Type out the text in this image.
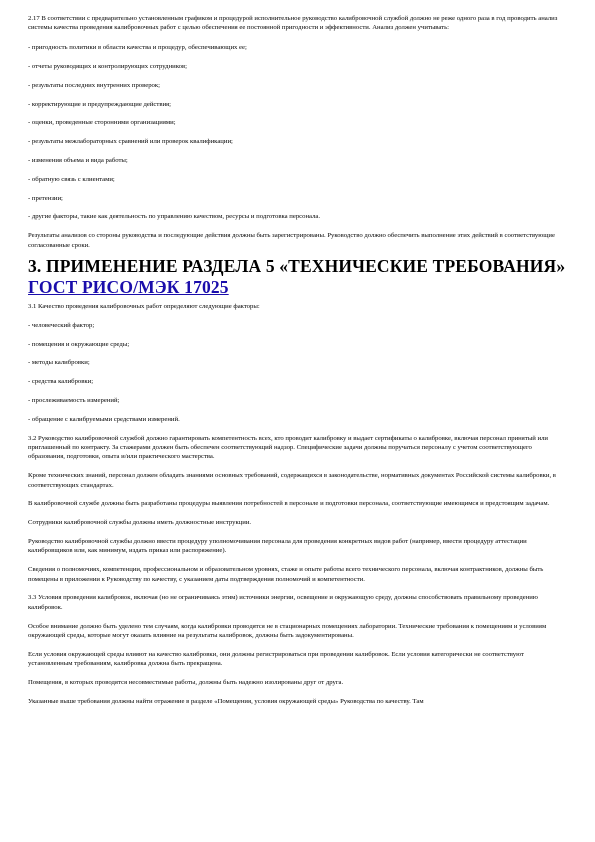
2.17 В соответствии с предварительно установленным графиком и процедурой исполнительное руководство калибровочной службой должно не реже одного раза в год проводить анализ системы качества проведения калибровочных работ с целью обеспечения ее постоянной пригодности и эффективности. Анализ должен учитывать:

- пригодность политики в области качества и процедур, обеспечивающих ее;

- отчеты руководящих и контролирующих сотрудников;

- результаты последних внутренних проверок;

- корректирующие и предупреждающие действия;

- оценки, проведенные сторонними организациями;

- результаты межлабораторных сравнений или проверок квалификации;

- изменения объема и вида работы;

- обратную связь с клиентами;

- претензии;

- другие факторы, такие как деятельность по управлению качеством, ресурсы и подготовка персонала.

Результаты анализов со стороны руководства и последующие действия должны быть зарегистрированы. Руководство должно обеспечить выполнение этих действий в соответствующие согласованные сроки.

3. ПРИМЕНЕНИЕ РАЗДЕЛА 5 «ТЕХНИЧЕСКИЕ ТРЕБОВАНИЯ»
ГОСТ РИСО/МЭК 17025

3.1 Качество проведения калибровочных работ определяют следующие факторы:

- человеческий фактор;

- помещения и окружающие среды;

- методы калибровки;

- средства калибровки;

- прослеживаемость измерений;

- обращение с калибруемыми средствами измерений.

3.2 Руководство калибровочной службой должно гарантировать компетентность всех, кто проводит калибровку и выдает сертификаты о калибровке, включая персонал принятый или приглашенный по контракту. За стажерами должен быть обеспечен соответствующий надзор. Специфические задачи должны поручаться персоналу с учетом соответствующего образования, подготовки, опыта и/или практического мастерства.

Кроме технических знаний, персонал должен обладать знаниями основных требований, содержащихся в законодательстве, нормативных документах Российской системы калибровки, в соответствующих стандартах.

В калибровочной службе должны быть разработаны процедуры выявления потребностей в персонале и подготовки персонала, соответствующие имеющимся и предстоящим задачам.

Сотрудники калибровочной службы должны иметь должностные инструкции.

Руководство калибровочной службы должно ввести процедуру уполномочивания персонала для проведения конкретных видов работ (например, ввести процедуру аттестации калибровщиков или, как минимум, издать приказ или распоряжение).

Сведения о полномочиях, компетенции, профессиональном и образовательном уровнях, стаже и опыте работы всего технического персонала, включая контрактников, должны быть помещены в приложении к Руководству по качеству, с указанием даты подтверждения полномочий и компетентности.

3.3 Условия проведения калибровок, включая (но не ограничиваясь этим) источники энергии, освещение и окружающую среду, должны способствовать правильному проведению калибровок.

Особое внимание должно быть уделено тем случаям, когда калибровки проводятся не в стационарных помещениях лаборатории. Технические требования к помещениям и условиям окружающей среды, которые могут оказать влияние на результаты калибровок, должны быть задокументированы.

Если условия окружающей среды влияют на качество калибровки, они должны регистрироваться при проведении калибровок. Если условия категорически не соответствуют установленным требованиям, калибровка должна быть прекращена.

Помещения, в которых проводятся несовместимые работы, должны быть надежно изолированы друг от друга.

Указанные выше требования должны найти отражение в разделе «Помещения, условия окружающей среды» Руководства по качеству. Там
